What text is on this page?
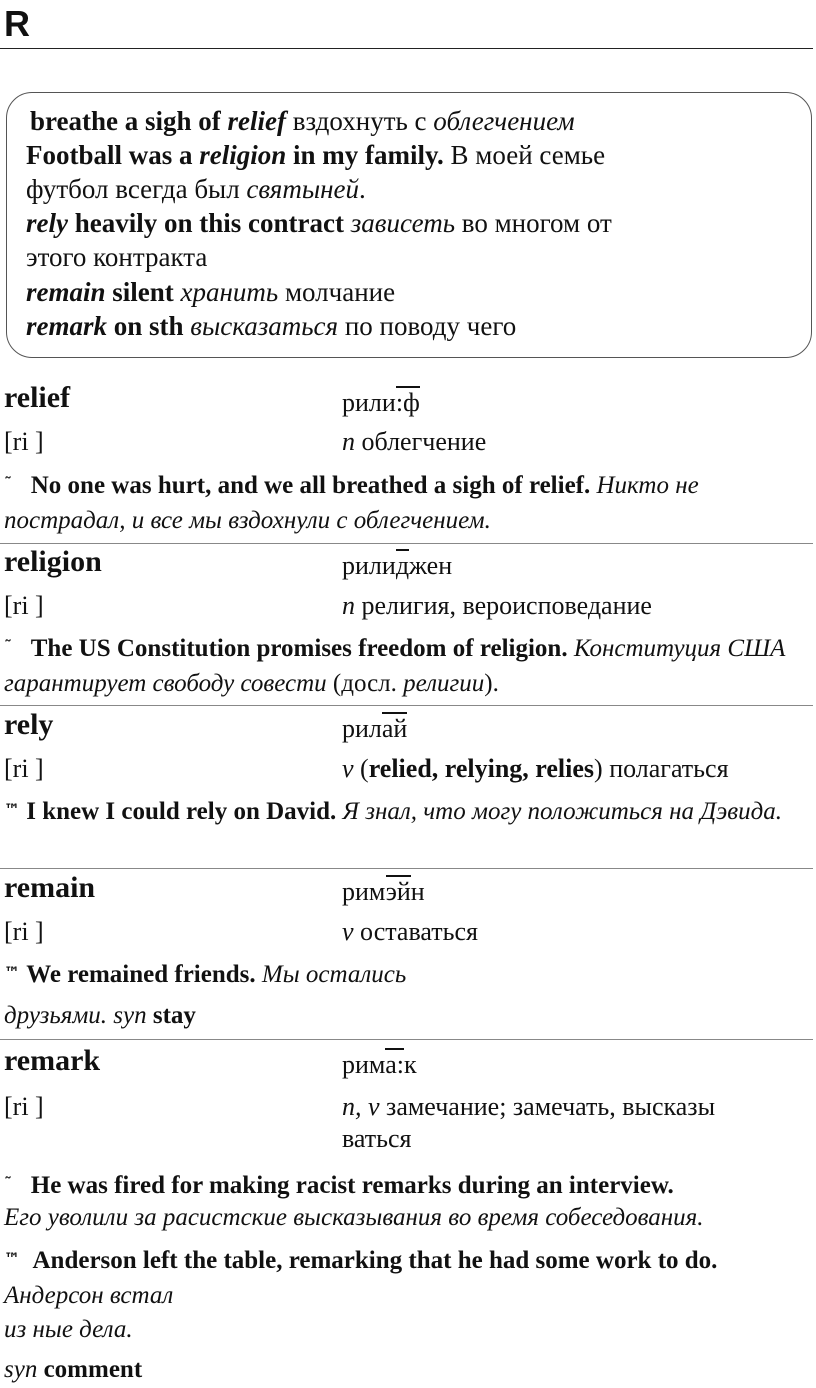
R
breathe a sigh of relief вздохнуть с облегчением
Football was a religion in my family. В моей семье
футбол всегда был святыней.
rely heavily on this contract зависеть во многом от
этого контракта
remain silent хранить молчание
remark on sth высказаться по поводу чего
relief	рили:ф
[ri ]	n облегчение
˜ No one was hurt, and we all breathed a sigh of relief. Никто не пострадал, и все мы вздохнули с облегчением.
religion	рилиджен
[ri ]	n религия, вероисповедание
˜ The US Constitution promises freedom of religion. Конституция США гарантирует свободу совести (досл. религии).
rely	рилай
[ri ]	v (relied, relying, relies) полагаться
™ I knew I could rely on David. Я знал, что могу положиться на Дэвида.
remain	римэйн
[ri ]	v оставаться
™ We remained friends. Мы остались
друзьями. syn stay
remark	рима:к
[ri ]	n, v замечание; замечать, высказы
ваться
˜ He was fired for making racist remarks during an interview.
Его уволили за расистские высказывания во время собеседования.
™ Anderson left the table, remarking that he had some work to do.
Андерсон встал
из ные дела.
syn comment
